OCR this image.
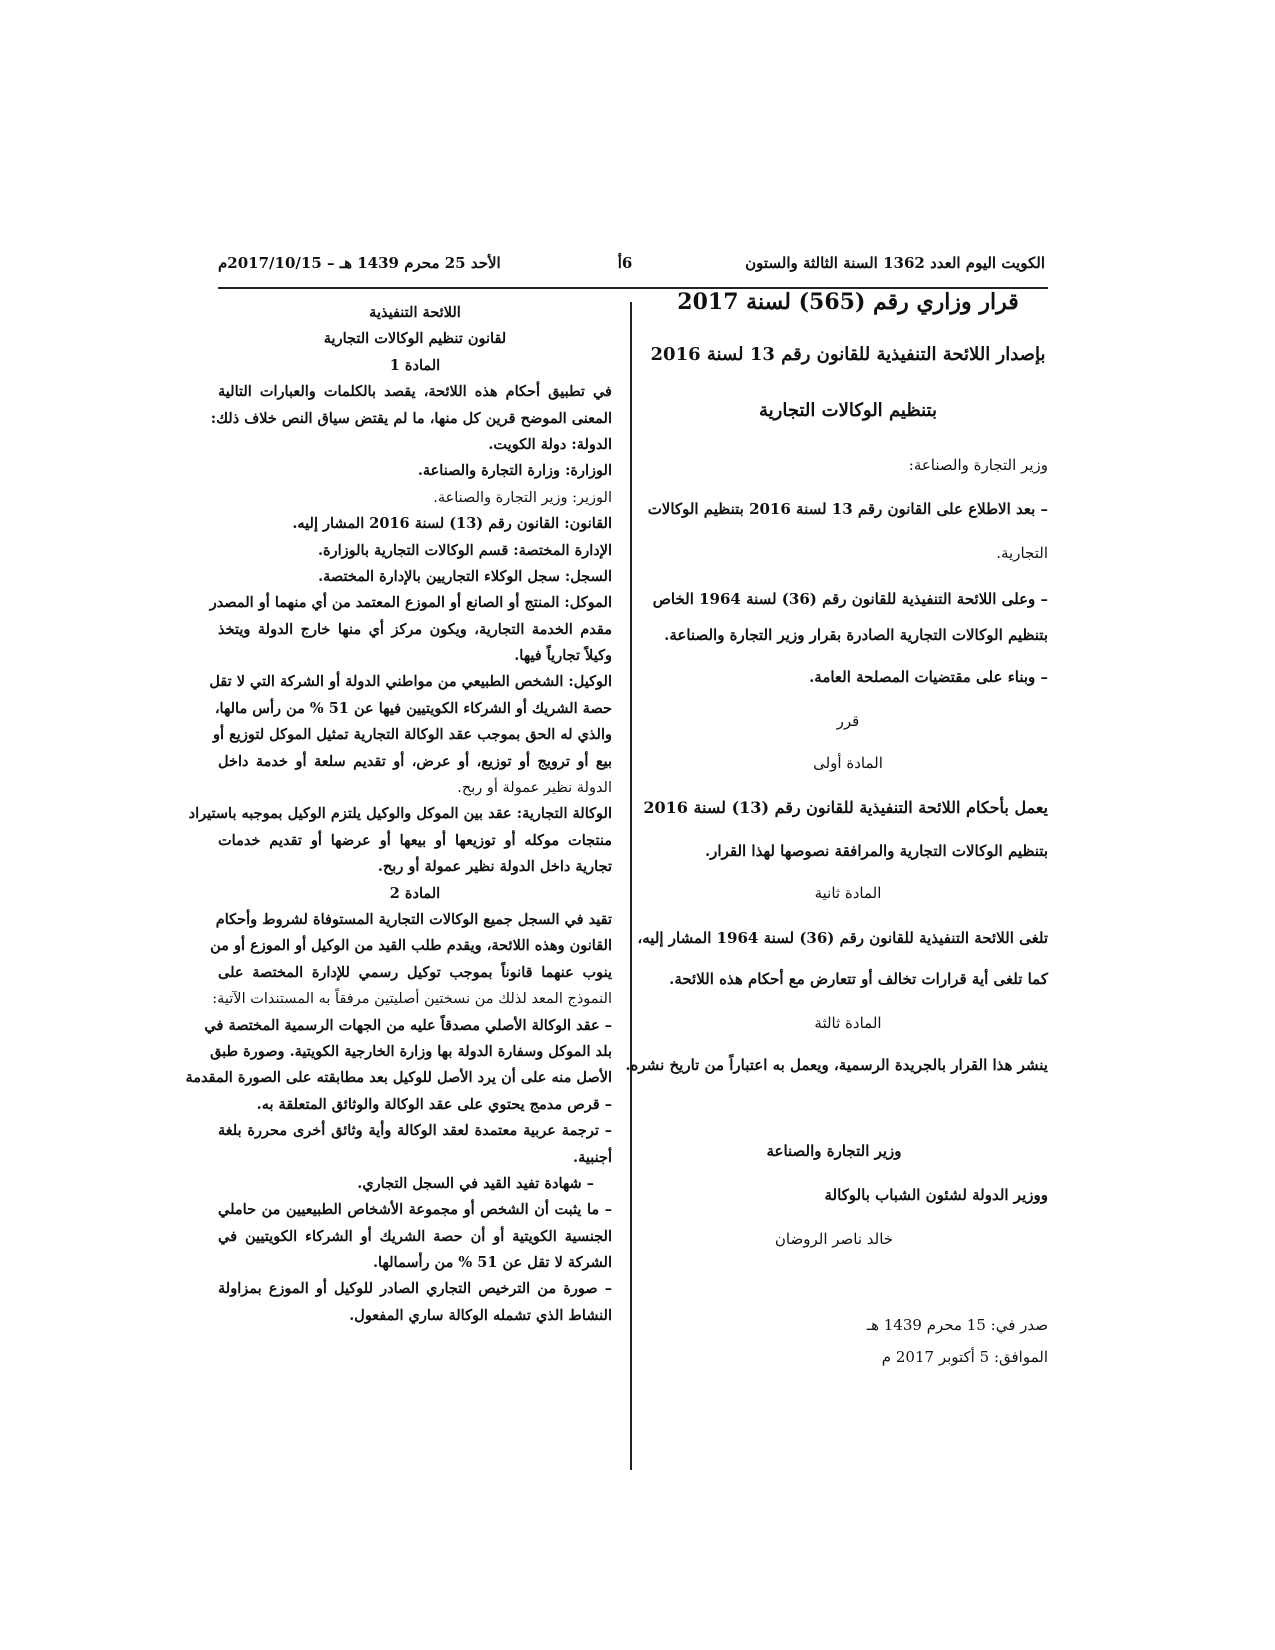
الكويت اليوم العدد 1362 السنة الثالثة والستون
6أ
الأحد 25 محرم 1439 هـ – 2017/10/15م
قرار وزاري رقم (565) لسنة 2017
بإصدار اللائحة التنفيذية للقانون رقم 13 لسنة 2016
بتنظيم الوكالات التجارية
وزير التجارة والصناعة:
– بعد الاطلاع على القانون رقم 13 لسنة 2016 بتنظيم الوكالات
التجارية.
– وعلى اللائحة التنفيذية للقانون رقم (36) لسنة 1964 الخاص
بتنظيم الوكالات التجارية الصادرة بقرار وزير التجارة والصناعة.
– وبناء على مقتضيات المصلحة العامة.
قرر
المادة أولى
يعمل بأحكام اللائحة التنفيذية للقانون رقم (13) لسنة 2016
بتنظيم الوكالات التجارية والمرافقة نصوصها لهذا القرار.
المادة ثانية
تلغى اللائحة التنفيذية للقانون رقم (36) لسنة 1964 المشار إليه،
كما تلغى أية قرارات تخالف أو تتعارض مع أحكام هذه اللائحة.
المادة ثالثة
ينشر هذا القرار بالجريدة الرسمية، ويعمل به اعتباراً من تاريخ نشره.
وزير التجارة والصناعة
ووزير الدولة لشئون الشباب بالوكالة
خالد ناصر الروضان
صدر في: 15 محرم 1439 هـ
الموافق: 5 أكتوبر 2017 م
اللائحة التنفيذية
لقانون تنظيم الوكالات التجارية
المادة 1
في تطبيق أحكام هذه اللائحة، يقصد بالكلمات والعبارات التالية
المعنى الموضح قرين كل منها، ما لم يقتض سياق النص خلاف ذلك:
الدولة: دولة الكويت.
الوزارة: وزارة التجارة والصناعة.
الوزير: وزير التجارة والصناعة.
القانون: القانون رقم (13) لسنة 2016 المشار إليه.
الإدارة المختصة: قسم الوكالات التجارية بالوزارة.
السجل: سجل الوكلاء التجاريين بالإدارة المختصة.
الموكل: المنتج أو الصانع أو الموزع المعتمد من أي منهما أو المصدر
مقدم الخدمة التجارية، ويكون مركز أي منها خارج الدولة ويتخذ
وكيلاً تجارياً فيها.
الوكيل: الشخص الطبيعي من مواطني الدولة أو الشركة التي لا تقل
حصة الشريك أو الشركاء الكويتيين فيها عن 51 % من رأس مالها،
والذي له الحق بموجب عقد الوكالة التجارية تمثيل الموكل لتوزيع أو
بيع أو ترويج أو توزيع، أو عرض، أو تقديم سلعة أو خدمة داخل
الدولة نظير عمولة أو ربح.
الوكالة التجارية: عقد بين الموكل والوكيل يلتزم الوكيل بموجبه باستيراد
منتجات موكله أو توزيعها أو بيعها أو عرضها أو تقديم خدمات
تجارية داخل الدولة نظير عمولة أو ربح.
المادة 2
تقيد في السجل جميع الوكالات التجارية المستوفاة لشروط وأحكام
القانون وهذه اللائحة، ويقدم طلب القيد من الوكيل أو الموزع أو من
ينوب عنهما قانوناً بموجب توكيل رسمي للإدارة المختصة على
النموذج المعد لذلك من نسختين أصليتين مرفقاً به المستندات الآتية:
– عقد الوكالة الأصلي مصدقاً عليه من الجهات الرسمية المختصة في
بلد الموكل وسفارة الدولة بها وزارة الخارجية الكويتية. وصورة طبق
الأصل منه على أن يرد الأصل للوكيل بعد مطابقته على الصورة المقدمة
– قرص مدمج يحتوي على عقد الوكالة والوثائق المتعلقة به.
– ترجمة عربية معتمدة لعقد الوكالة وأية وثائق أخرى محررة بلغة
أجنبية.
– شهادة تفيد القيد في السجل التجاري.
– ما يثبت أن الشخص أو مجموعة الأشخاص الطبيعيين من حاملي
الجنسية الكويتية أو أن حصة الشريك أو الشركاء الكويتيين في
الشركة لا تقل عن 51 % من رأسمالها.
– صورة من الترخيص التجاري الصادر للوكيل أو الموزع بمزاولة
النشاط الذي تشمله الوكالة ساري المفعول.
